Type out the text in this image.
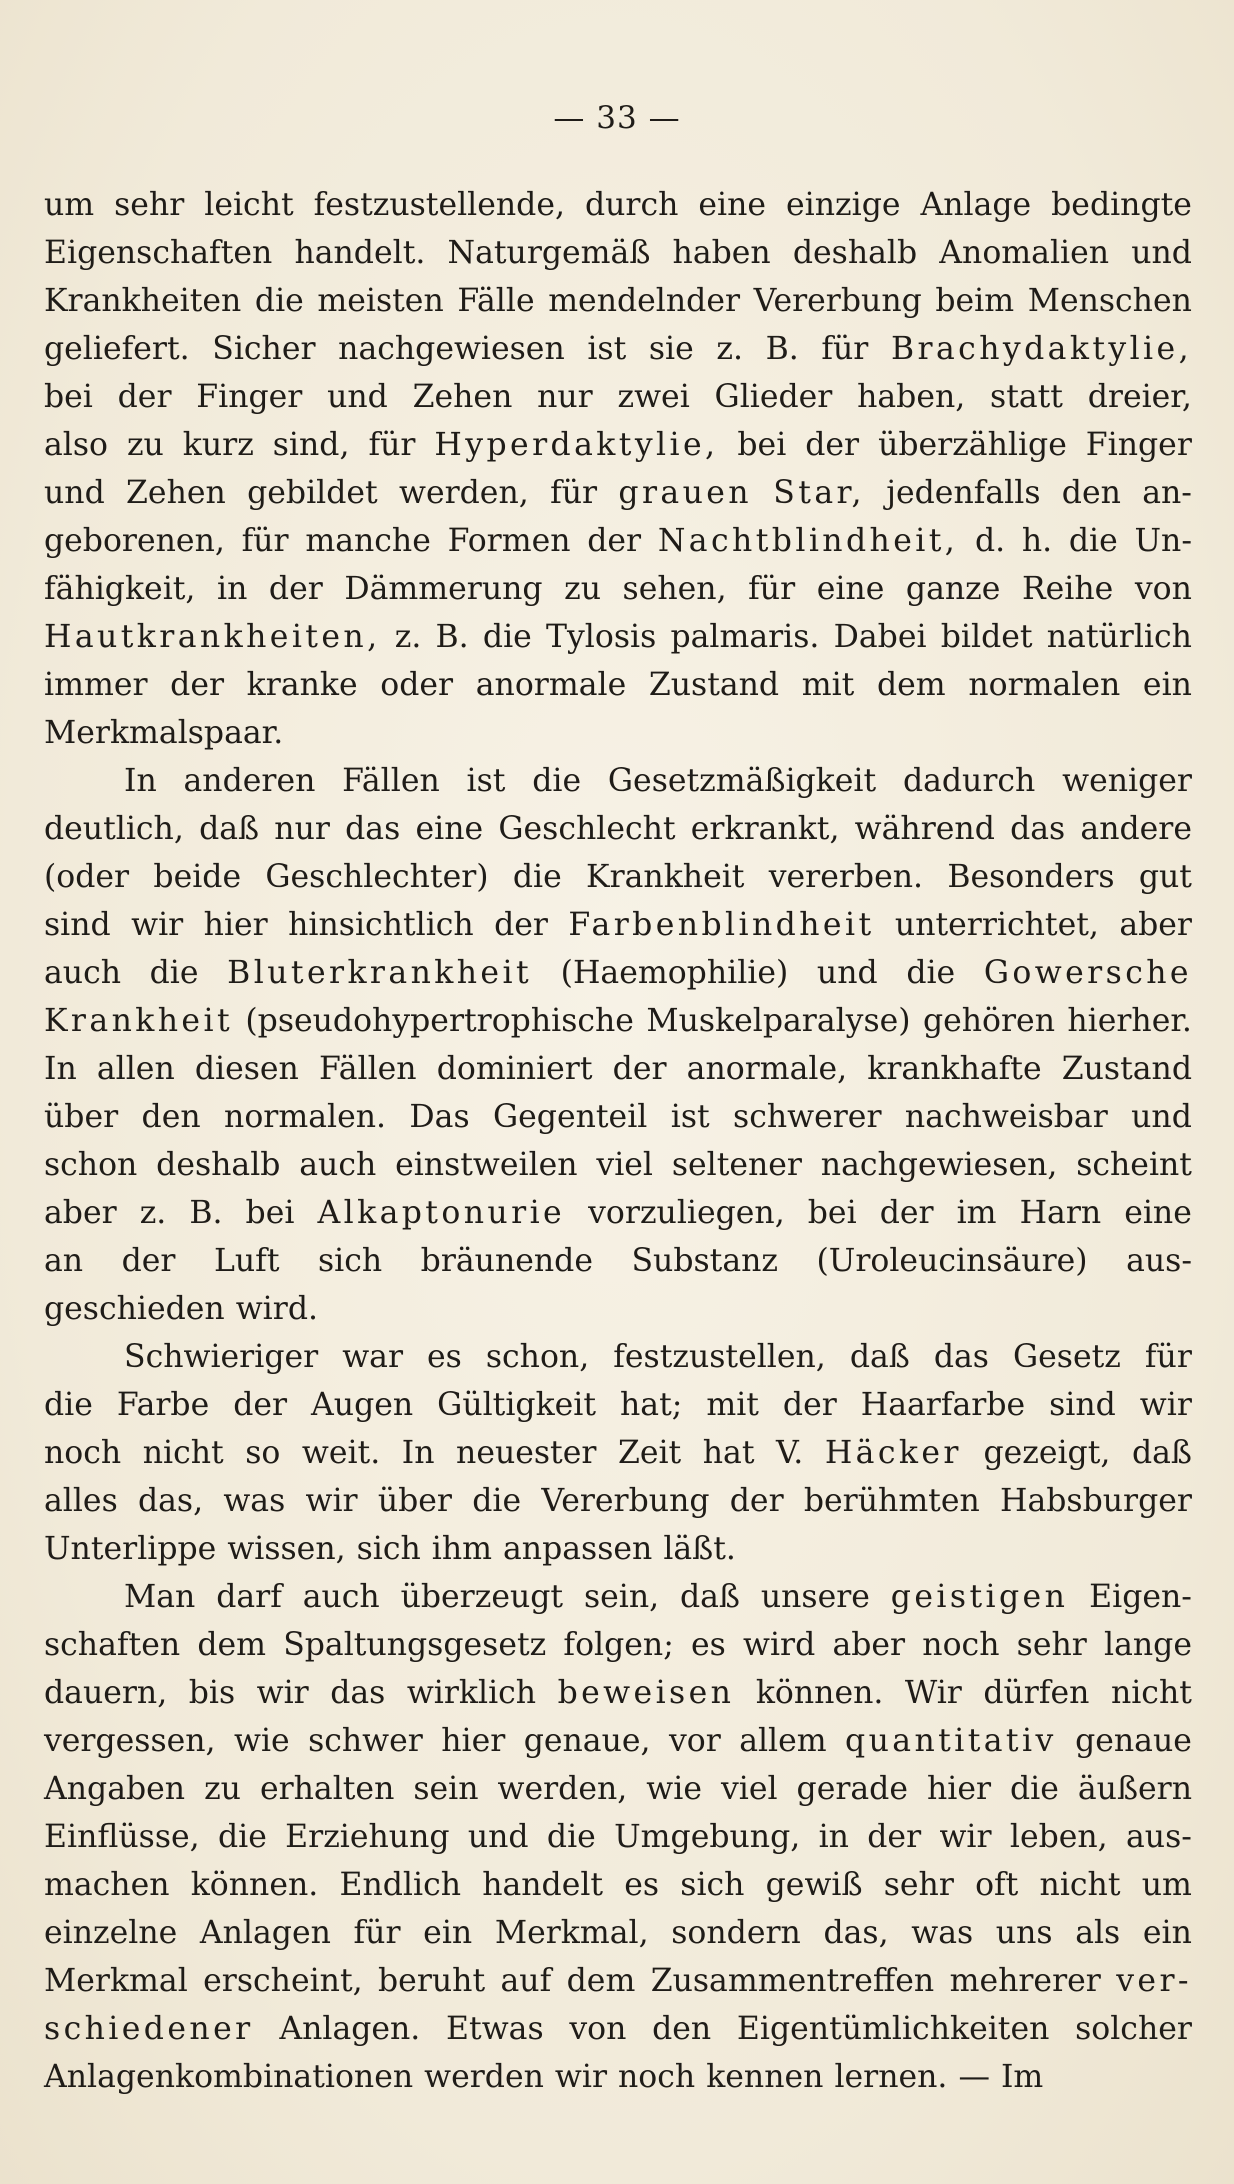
— 33 —
um sehr leicht festzustellende, durch eine einzige Anlage bedingte
Eigenschaften handelt. Naturgemäß haben deshalb Anomalien und
Krankheiten die meisten Fälle mendelnder Vererbung beim Menschen
geliefert. Sicher nachgewiesen ist sie z. B. für Brachydaktylie,
bei der Finger und Zehen nur zwei Glieder haben, statt dreier,
also zu kurz sind, für Hyperdaktylie, bei der überzählige Finger
und Zehen gebildet werden, für grauen Star, jedenfalls den an-
geborenen, für manche Formen der Nachtblindheit, d. h. die Un-
fähigkeit, in der Dämmerung zu sehen, für eine ganze Reihe von
Hautkrankheiten, z. B. die Tylosis palmaris. Dabei bildet natürlich
immer der kranke oder anormale Zustand mit dem normalen ein
Merkmalspaar.
In anderen Fällen ist die Gesetzmäßigkeit dadurch weniger
deutlich, daß nur das eine Geschlecht erkrankt, während das andere
(oder beide Geschlechter) die Krankheit vererben. Besonders gut
sind wir hier hinsichtlich der Farbenblindheit unterrichtet, aber
auch die Bluterkrankheit (Haemophilie) und die Gowersche
Krankheit (pseudohypertrophische Muskelparalyse) gehören hierher.
In allen diesen Fällen dominiert der anormale, krankhafte Zustand
über den normalen. Das Gegenteil ist schwerer nachweisbar und
schon deshalb auch einstweilen viel seltener nachgewiesen, scheint
aber z. B. bei Alkaptonurie vorzuliegen, bei der im Harn eine
an der Luft sich bräunende Substanz (Uroleucinsäure) aus-
geschieden wird.
Schwieriger war es schon, festzustellen, daß das Gesetz für
die Farbe der Augen Gültigkeit hat; mit der Haarfarbe sind wir
noch nicht so weit. In neuester Zeit hat V. Häcker gezeigt, daß
alles das, was wir über die Vererbung der berühmten Habsburger
Unterlippe wissen, sich ihm anpassen läßt.
Man darf auch überzeugt sein, daß unsere geistigen Eigen-
schaften dem Spaltungsgesetz folgen; es wird aber noch sehr lange
dauern, bis wir das wirklich beweisen können. Wir dürfen nicht
vergessen, wie schwer hier genaue, vor allem quantitativ genaue
Angaben zu erhalten sein werden, wie viel gerade hier die äußern
Einflüsse, die Erziehung und die Umgebung, in der wir leben, aus-
machen können. Endlich handelt es sich gewiß sehr oft nicht um
einzelne Anlagen für ein Merkmal, sondern das, was uns als ein
Merkmal erscheint, beruht auf dem Zusammentreffen mehrerer ver-
schiedener Anlagen. Etwas von den Eigentümlichkeiten solcher
Anlagenkombinationen werden wir noch kennen lernen. — Im
